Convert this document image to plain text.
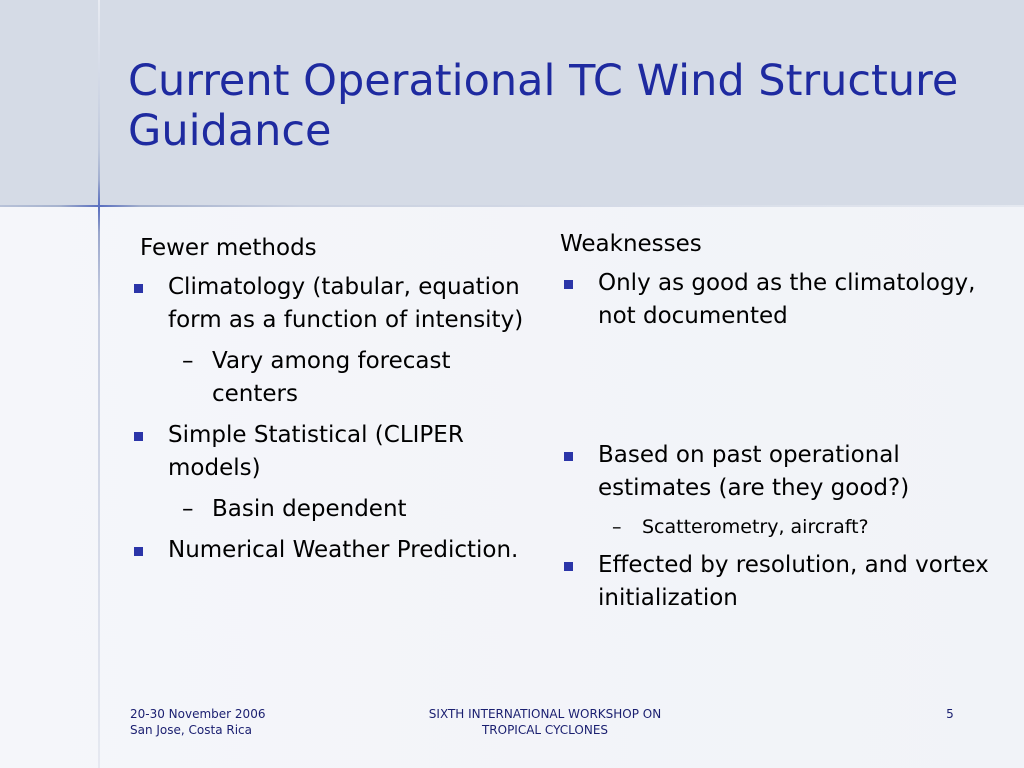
Current Operational TC Wind Structure Guidance
Fewer methods
Climatology (tabular, equation form as a function of intensity)
– Vary among forecast centers
Simple Statistical (CLIPER models)
– Basin dependent
Numerical Weather Prediction.
Weaknesses
Only as good as the climatology, not documented
Based on past operational estimates (are they good?)
– Scatterometry, aircraft?
Effected by resolution, and vortex initialization
20-30 November 2006
San Jose, Costa Rica
SIXTH INTERNATIONAL WORKSHOP ON
TROPICAL CYCLONES
5
